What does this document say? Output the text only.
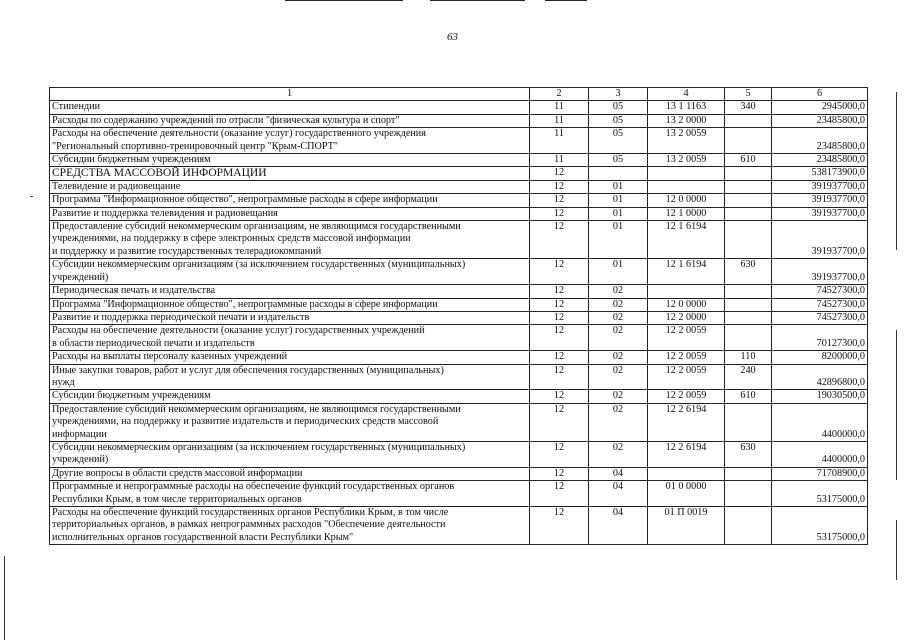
63
1	2	3	4	5	6

Стипендии	11	05	13 1 1163	340	2945000,0

Расходы по содержанию учреждений по отрасли "физическая культура и спорт"	11	05	13 2 0000		23485800,0

Расходы на обеспечение деятельности (оказание услуг) государственного учреждения
"Региональный спортивно-тренировочный центр "Крым-СПОРТ"	11	05	13 2 0059		23485800,0

Субсидии бюджетным учреждениям	11	05	13 2 0059	610	23485800,0

СРЕДСТВА МАССОВОЙ ИНФОРМАЦИИ	12				538173900,0

Телевидение и радиовещание	12	01			391937700,0

Программа "Информационное общество", непрограммные расходы в сфере информации	12	01	12 0 0000		391937700,0

Развитие и поддержка телевидения и радиовещания	12	01	12 1 0000		391937700,0

Предоставление субсидий некоммерческим организациям, не являющимся государственными
учреждениями, на поддержку в сфере электронных средств массовой информации
и поддержку и развитие государственных телерадиокомпаний	12	01	12 1 6194		391937700,0

Субсидии некоммерческим организациям (за исключением государственных (муниципальных)
учреждений)	12	01	12 1 6194	630	391937700,0

Периодическая печать и издательства	12	02			74527300,0

Программа "Информационное общество", непрограммные расходы в сфере информации	12	02	12 0 0000		74527300,0

Развитие и поддержка периодической печати и издательств	12	02	12 2 0000		74527300,0

Расходы на обеспечение деятельности (оказание услуг) государственных учреждений
в области периодической печати и издательств	12	02	12 2 0059		70127300,0

Расходы на выплаты персоналу казенных учреждений	12	02	12 2 0059	110	8200000,0

Иные закупки товаров, работ и услуг для обеспечения государственных (муниципальных)
нужд	12	02	12 2 0059	240	42896800,0

Субсидии бюджетным учреждениям	12	02	12 2 0059	610	19030500,0

Предоставление субсидий некоммерческим организациям, не являющимся государственными
учреждениями, на поддержку и развитие издательств и периодических средств массовой
информации	12	02	12 2 6194		4400000,0

Субсидии некоммерческим организациям (за исключением государственных (муниципальных)
учреждений)	12	02	12 2 6194	630	4400000,0

Другие вопросы в области средств массовой информации	12	04			71708900,0

Программные и непрограммные расходы на обеспечение функций государственных органов
Республики Крым, в том числе территориальных органов	12	04	01 0 0000		53175000,0

Расходы на обеспечение функций государственных органов Республики Крым, в том числе
территориальных органов, в рамках непрограммных расходов "Обеспечение деятельности
исполнительных органов государственной власти Республики Крым"	12	04	01 П 0019		53175000,0
